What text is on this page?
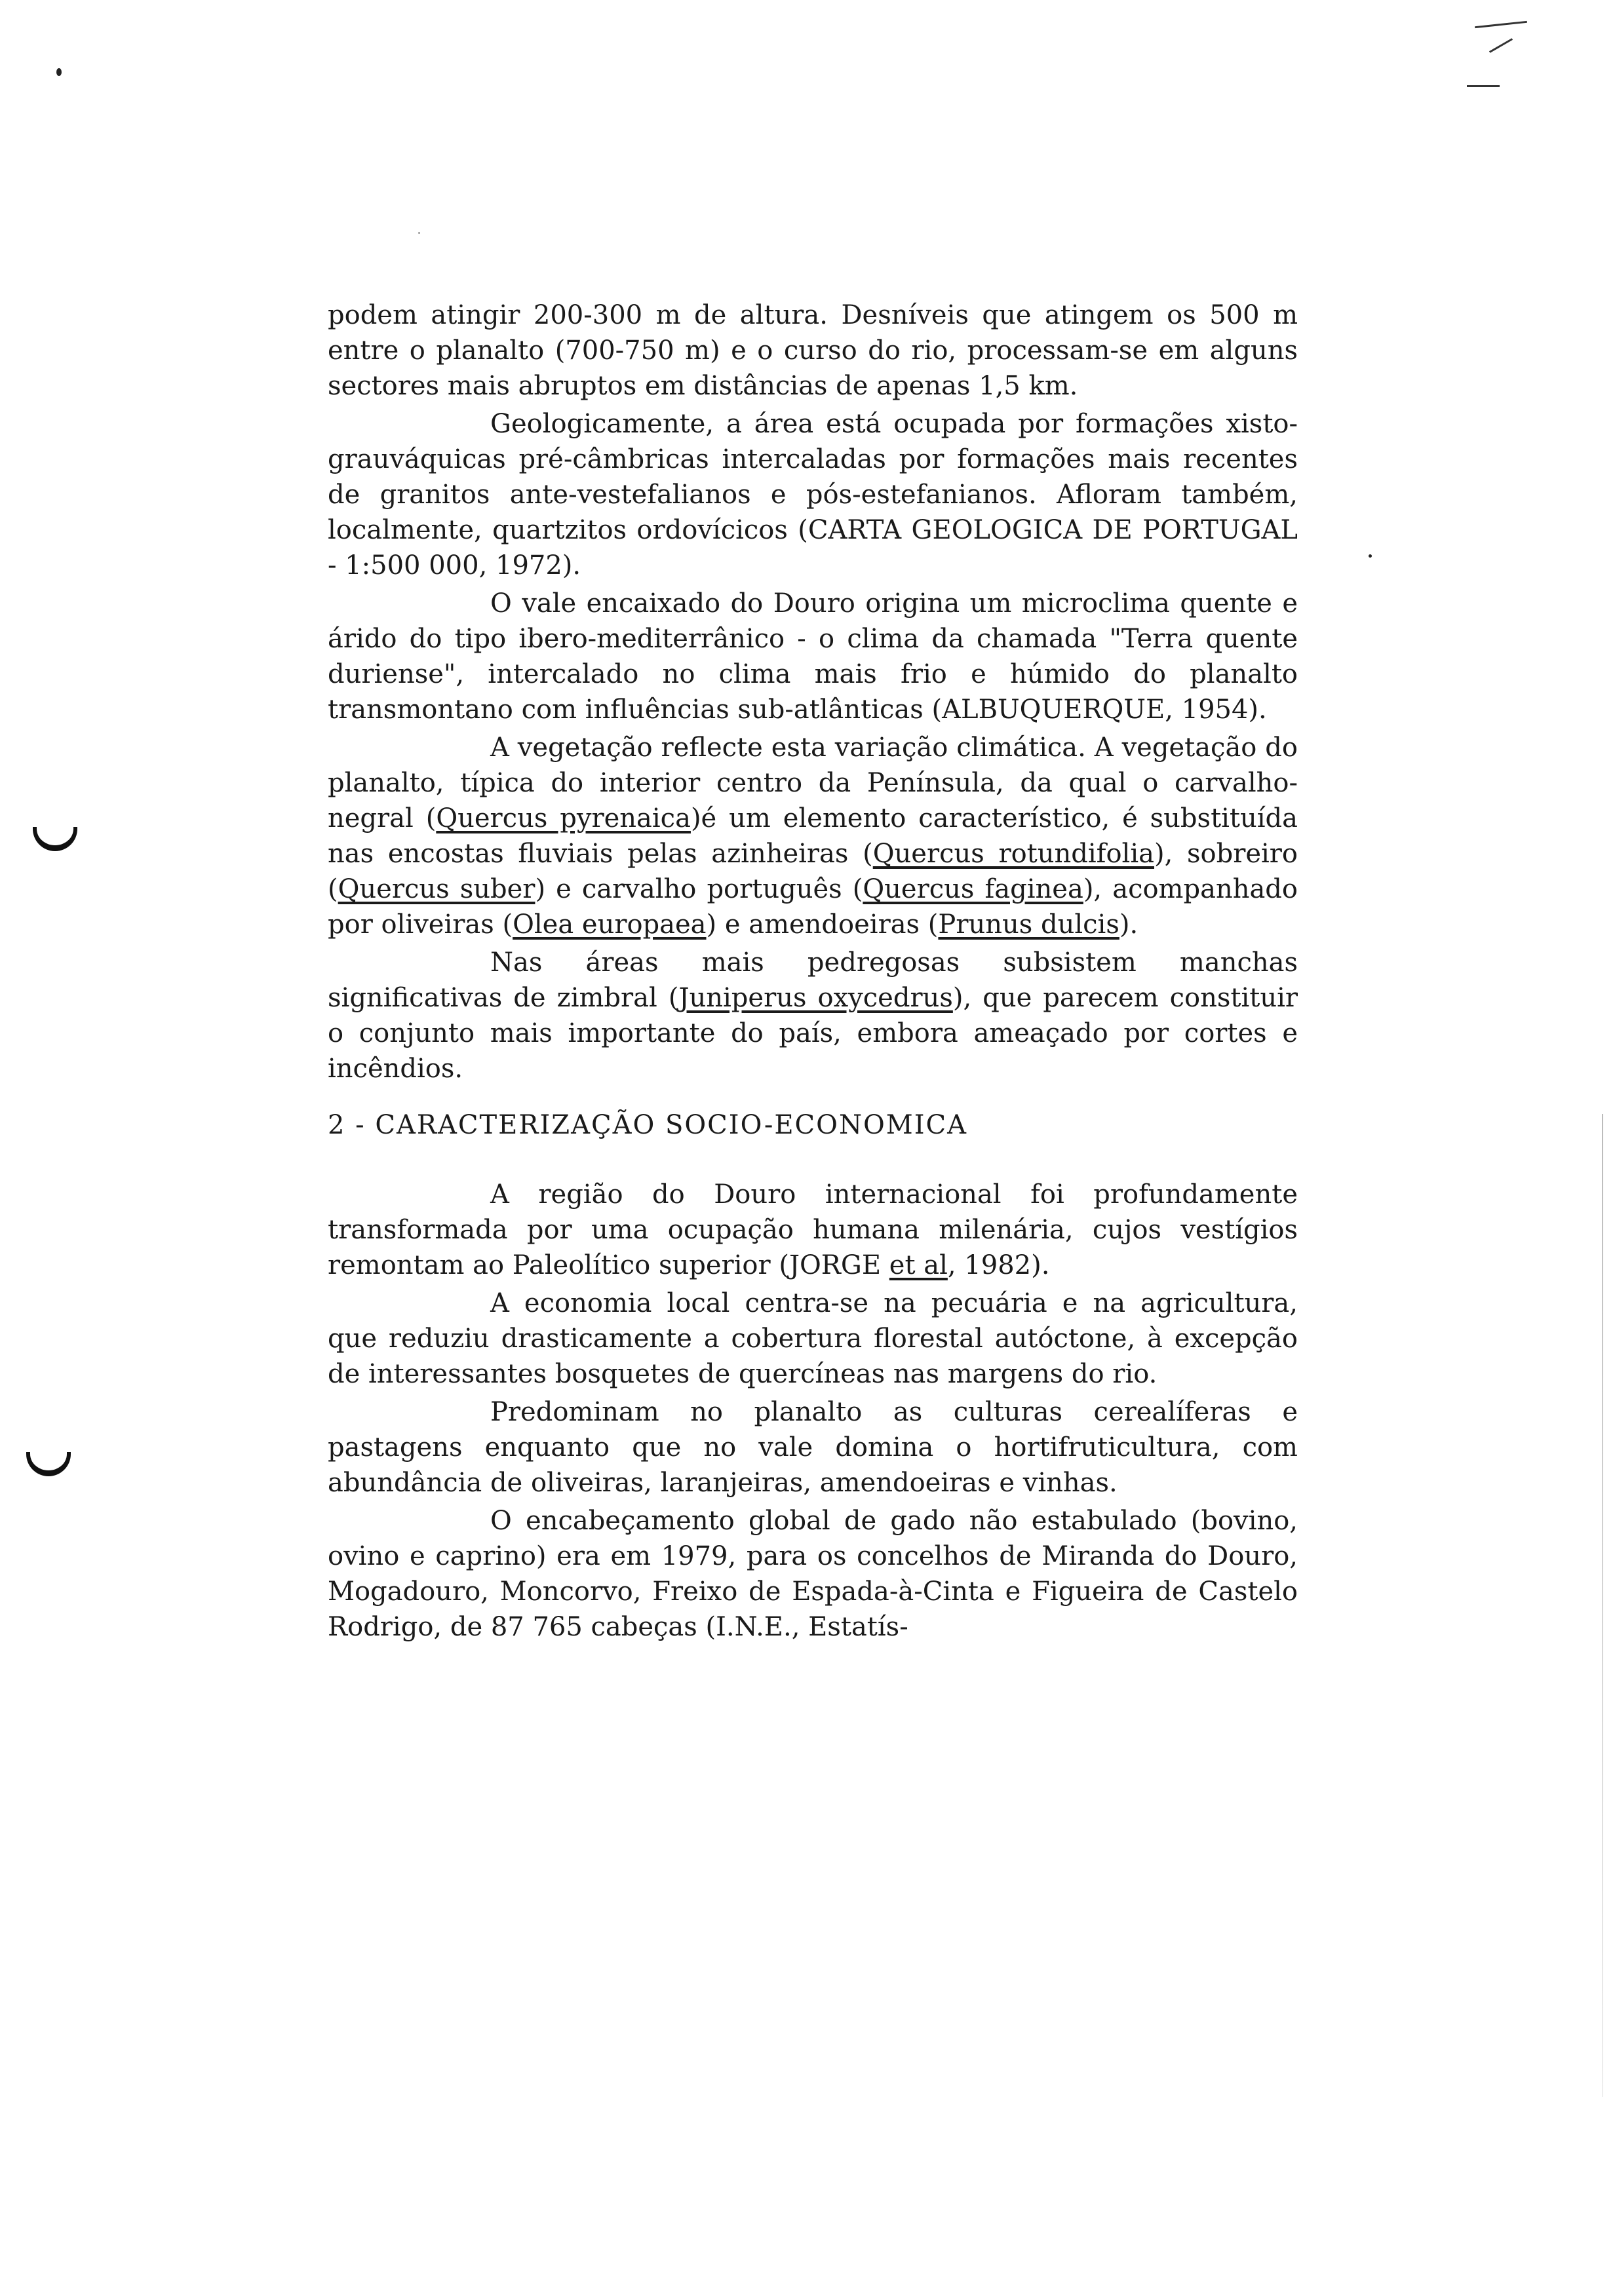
podem atingir 200-300 m de altura. Desníveis que atingem os 500 m entre o planalto (700-750 m) e o curso do rio, processam-se em alguns sectores mais abruptos em distâncias de apenas 1,5 km.

Geologicamente, a área está ocupada por formações xisto-grauváquicas pré-câmbricas intercaladas por formações mais recentes de granitos ante-vestefalianos e pós-estefanianos. Afloram também, localmente, quartzitos ordovícicos (CARTA GEOLOGICA DE PORTUGAL - 1:500 000, 1972).

O vale encaixado do Douro origina um microclima quente e árido do tipo ibero-mediterrânico - o clima da chamada "Terra quente duriense", intercalado no clima mais frio e húmido do planalto transmontano com influências sub-atlânticas (ALBUQUERQUE, 1954).

A vegetação reflecte esta variação climática. A vegetação do planalto, típica do interior centro da Península, da qual o carvalho-negral (Quercus pyrenaica)é um elemento característico, é substituída nas encostas fluviais pelas azinheiras (Quercus rotundifolia), sobreiro (Quercus suber) e carvalho português (Quercus faginea), acompanhado por oliveiras (Olea europaea) e amendoeiras (Prunus dulcis).

Nas áreas mais pedregosas subsistem manchas significativas de zimbral (Juniperus oxycedrus), que parecem constituir o conjunto mais importante do país, embora ameaçado por cortes e incêndios.

2 - CARACTERIZAÇÃO SOCIO-ECONOMICA

A região do Douro internacional foi profundamente transformada por uma ocupação humana milenária, cujos vestígios remontam ao Paleolítico superior (JORGE et al, 1982).

A economia local centra-se na pecuária e na agricultura, que reduziu drasticamente a cobertura florestal autóctone, à excepção de interessantes bosquetes de quercíneas nas margens do rio.

Predominam no planalto as culturas cerealíferas e pastagens enquanto que no vale domina o hortifruticultura, com abundância de oliveiras, laranjeiras, amendoeiras e vinhas.

O encabeçamento global de gado não estabulado (bovino, ovino e caprino) era em 1979, para os concelhos de Miranda do Douro, Mogadouro, Moncorvo, Freixo de Espada-à-Cinta e Figueira de Castelo Rodrigo, de 87 765 cabeças (I.N.E., Estatís-
